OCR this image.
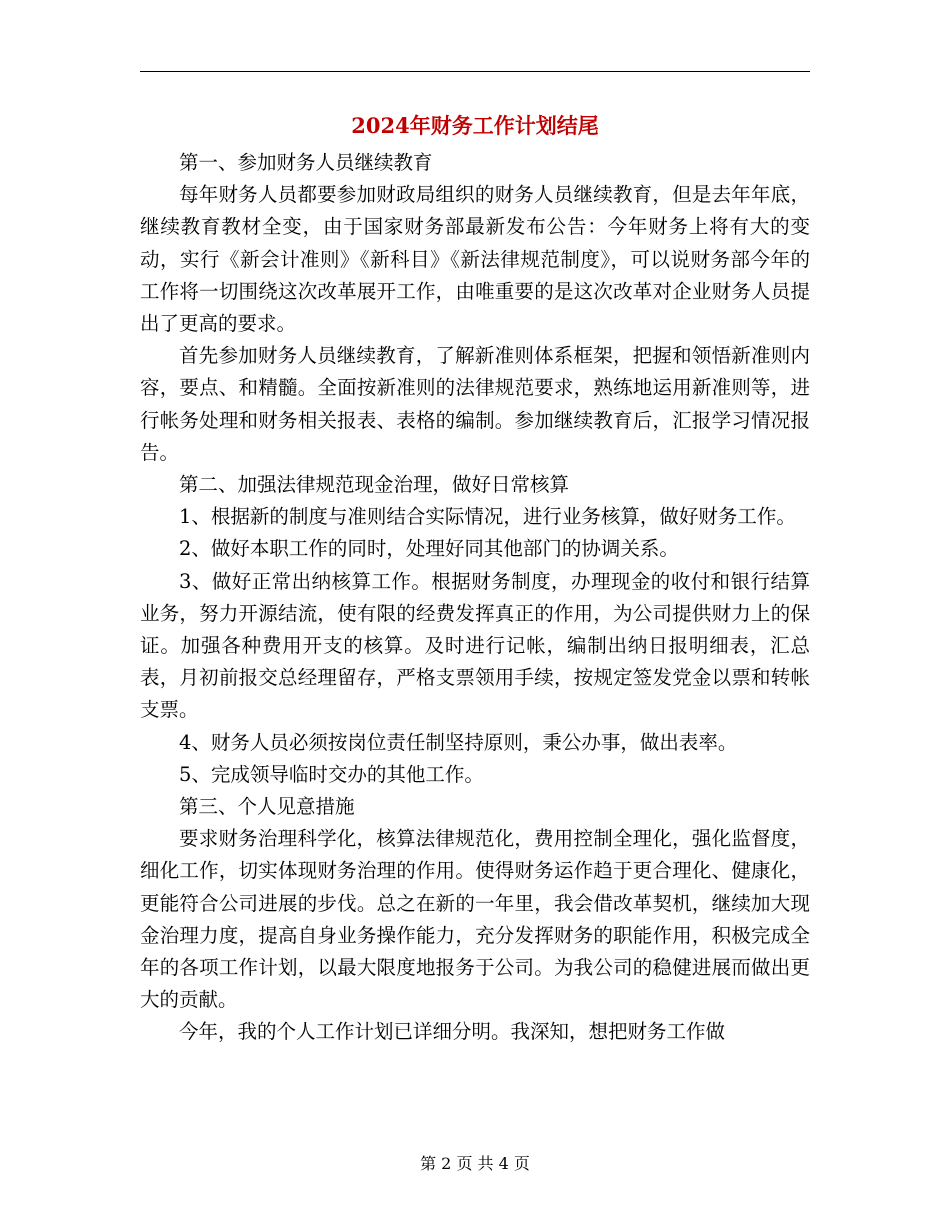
2024年财务工作计划结尾

第一、参加财务人员继续教育

每年财务人员都要参加财政局组织的财务人员继续教育，但是去年年底，继续教育教材全变，由于国家财务部最新发布公告：今年财务上将有大的变动，实行《新会计准则》《新科目》《新法律规范制度》，可以说财务部今年的工作将一切围绕这次改革展开工作，由唯重要的是这次改革对企业财务人员提出了更高的要求。

首先参加财务人员继续教育，了解新准则体系框架，把握和领悟新准则内容，要点、和精髓。全面按新准则的法律规范要求，熟练地运用新准则等，进行帐务处理和财务相关报表、表格的编制。参加继续教育后，汇报学习情况报告。

第二、加强法律规范现金治理，做好日常核算

1、根据新的制度与准则结合实际情况，进行业务核算，做好财务工作。

2、做好本职工作的同时，处理好同其他部门的协调关系。

3、做好正常出纳核算工作。根据财务制度，办理现金的收付和银行结算业务，努力开源结流，使有限的经费发挥真正的作用，为公司提供财力上的保证。加强各种费用开支的核算。及时进行记帐，编制出纳日报明细表，汇总表，月初前报交总经理留存，严格支票领用手续，按规定签发党金以票和转帐支票。

4、财务人员必须按岗位责任制坚持原则，秉公办事，做出表率。

5、完成领导临时交办的其他工作。

第三、个人见意措施

要求财务治理科学化，核算法律规范化，费用控制全理化，强化监督度，细化工作，切实体现财务治理的作用。使得财务运作趋于更合理化、健康化，更能符合公司进展的步伐。总之在新的一年里，我会借改革契机，继续加大现金治理力度，提高自身业务操作能力，充分发挥财务的职能作用，积极完成全年的各项工作计划，以最大限度地报务于公司。为我公司的稳健进展而做出更大的贡献。

今年，我的个人工作计划已详细分明。我深知，想把财务工作做

第 2 页 共 4 页
